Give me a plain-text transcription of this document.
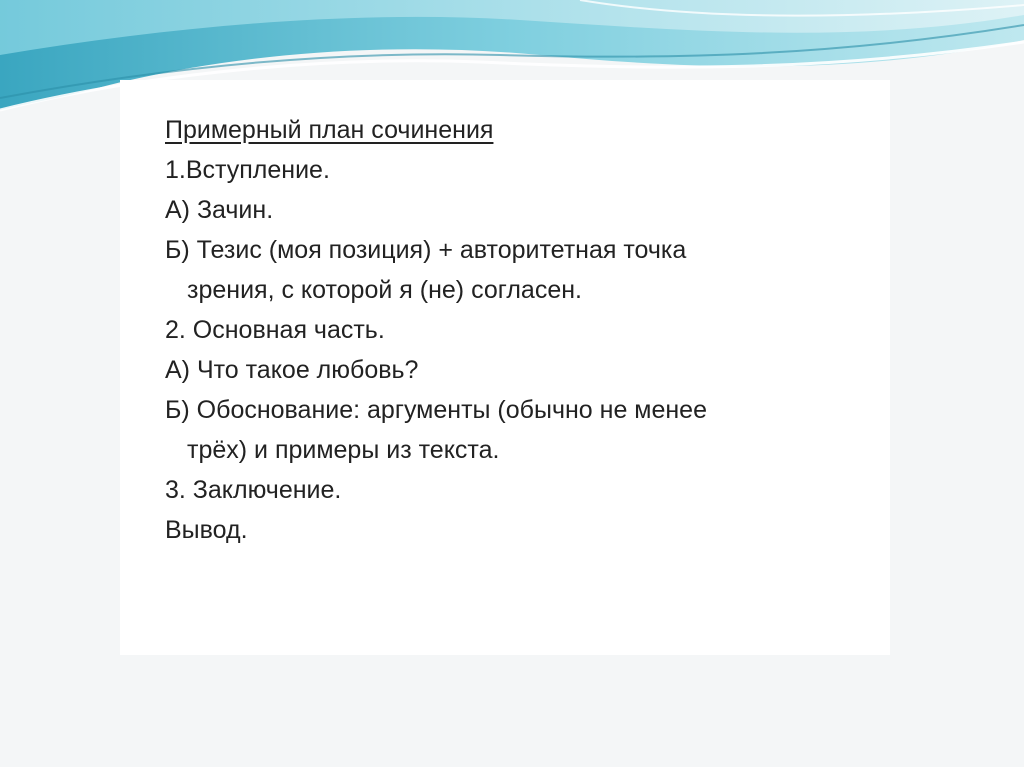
Примерный план сочинения

1.Вступление.

А) Зачин.

Б) Тезис (моя позиция) + авторитетная точка
зрения, с которой я (не) согласен.

2. Основная часть.

А) Что такое любовь?

Б) Обоснование: аргументы (обычно не менее
трёх) и примеры из текста.

3. Заключение.

Вывод.
